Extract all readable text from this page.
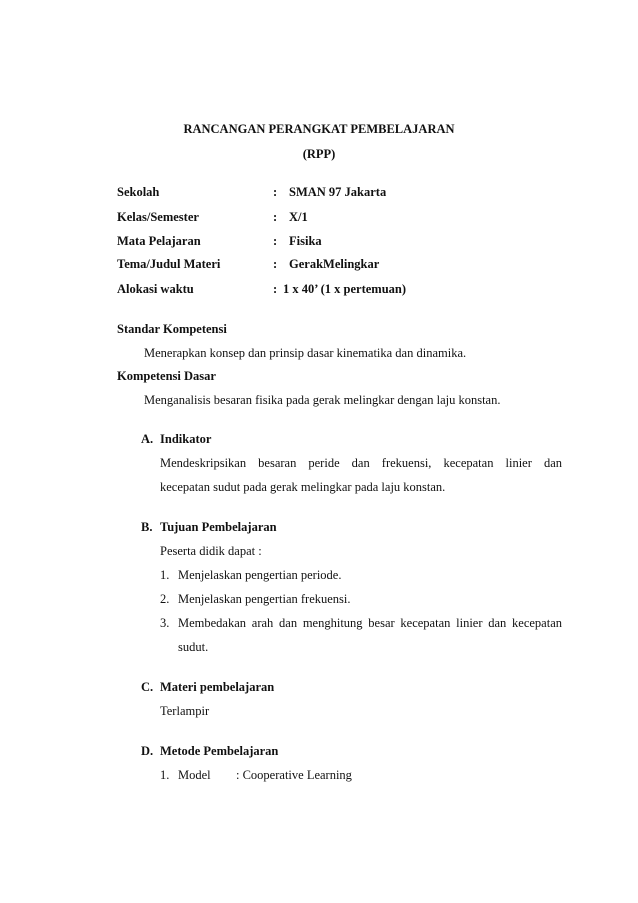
RANCANGAN PERANGKAT PEMBELAJARAN
(RPP)
Sekolah	: SMAN 97 Jakarta
Kelas/Semester	: X/1
Mata Pelajaran	: Fisika
Tema/Judul Materi	: GerakMelingkar
Alokasi waktu	: 1 x 40’ (1 x pertemuan)
Standar Kompetensi
Menerapkan konsep dan prinsip dasar kinematika dan dinamika.
Kompetensi Dasar
Menganalisis besaran fisika pada gerak melingkar dengan laju konstan.
A. Indikator
Mendeskripsikan besaran peride dan frekuensi, kecepatan linier dan
kecepatan sudut pada gerak melingkar pada laju konstan.
B. Tujuan Pembelajaran
Peserta didik dapat :
1. Menjelaskan pengertian periode.
2. Menjelaskan pengertian frekuensi.
3. Membedakan arah dan menghitung besar kecepatan linier dan kecepatan
sudut.
C. Materi pembelajaran
Terlampir
D. Metode Pembelajaran
1. Model : Cooperative Learning
